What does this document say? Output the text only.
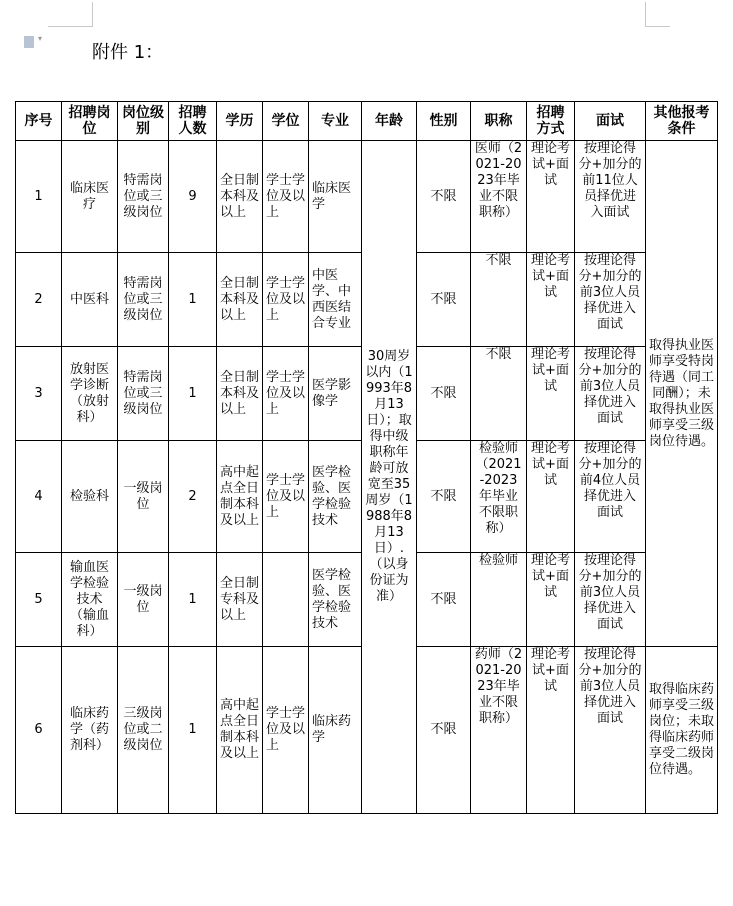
▾
附件 1：
序号	招聘岗位	岗位级别	招聘人数	学历	学位	专业	年龄	性别	职称	招聘方式	面试	其他报考条件
1	临床医疗	特需岗位或三级岗位	9	全日制本科及以上	学士学位及以上	临床医学	30周岁以内（1993年8月13日）；取得中级职称年龄可放宽至35周岁（1988年8月13日）.（以身份证为准）	不限	医师（2021-2023年毕业不限职称）	理论考试+面试	按理论得分+加分的前11位人员择优进入面试	取得执业医师享受特岗待遇（同工同酬）；未取得执业医师享受三级岗位待遇。
2	中医科	特需岗位或三级岗位	1	全日制本科及以上	学士学位及以上	中医学、中西医结合专业		不限	不限	理论考试+面试	按理论得分+加分的前3位人员择优进入面试	
3	放射医学诊断（放射科）	特需岗位或三级岗位	1	全日制本科及以上	学士学位及以上	医学影像学		不限	不限	理论考试+面试	按理论得分+加分的前3位人员择优进入面试	
4	检验科	一级岗位	2	高中起点全日制本科及以上	学士学位及以上	医学检验、医学检验技术		不限	检验师（2021-2023年毕业不限职称）	理论考试+面试	按理论得分+加分的前4位人员择优进入面试	
5	输血医学检验技术（输血科）	一级岗位	1	全日制专科及以上		医学检验、医学检验技术		不限	检验师	理论考试+面试	按理论得分+加分的前3位人员择优进入面试	
6	临床药学（药剂科）	三级岗位或二级岗位	1	高中起点全日制本科及以上	学士学位及以上	临床药学		不限	药师（2021-2023年毕业不限职称）	理论考试+面试	按理论得分+加分的前3位人员择优进入面试	取得临床药师享受三级岗位；未取得临床药师享受二级岗位待遇。
